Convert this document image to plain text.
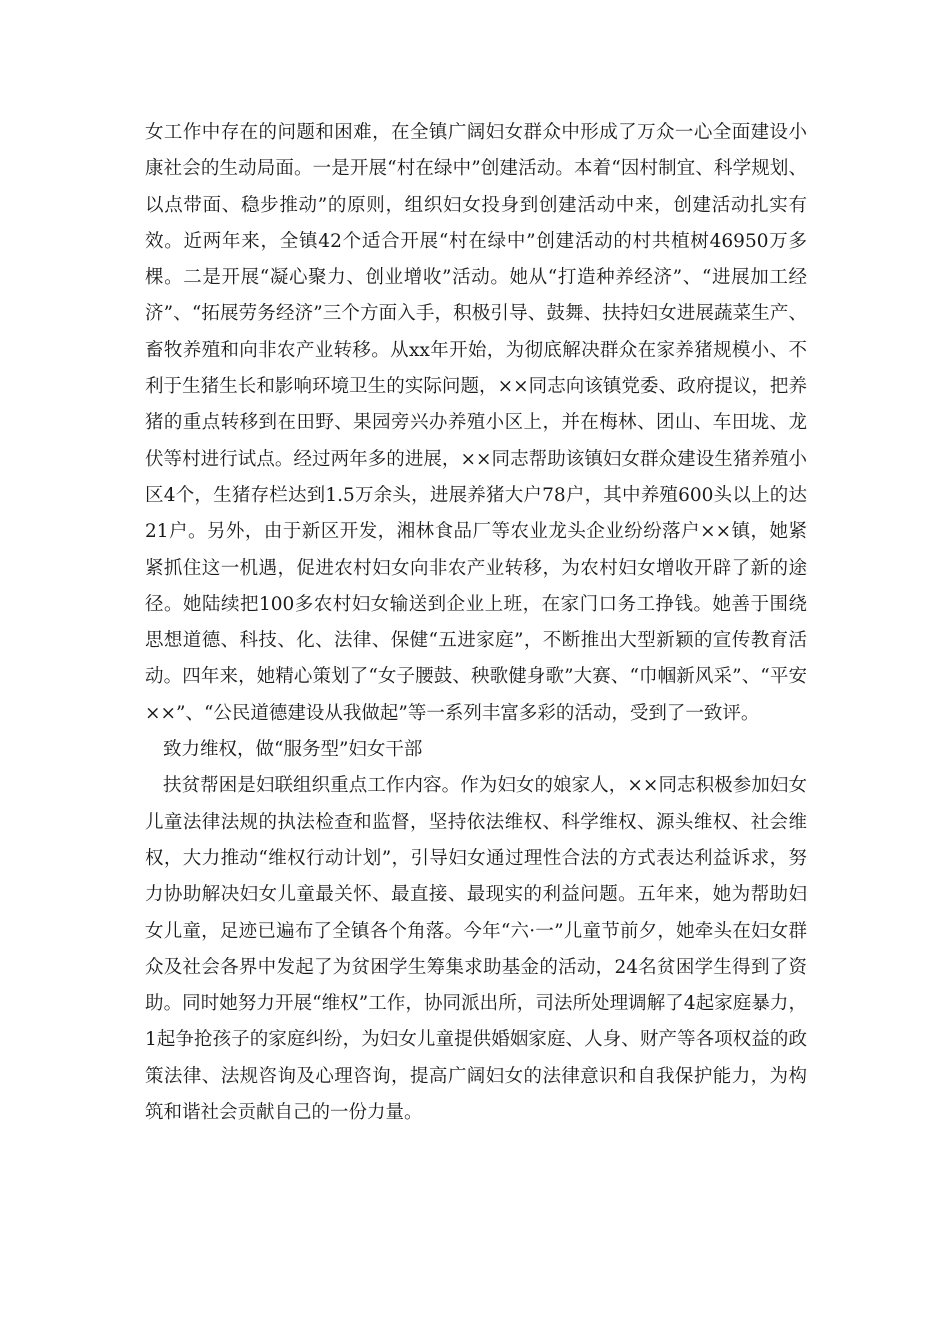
女工作中存在的问题和困难，在全镇广阔妇女群众中形成了万众一心全面建设小康社会的生动局面。一是开展“村在绿中”创建活动。本着“因村制宜、科学规划、以点带面、稳步推动”的原则，组织妇女投身到创建活动中来，创建活动扎实有效。近两年来，全镇42个适合开展“村在绿中”创建活动的村共植树46950万多棵。二是开展“凝心聚力、创业增收”活动。她从“打造种养经济”、“进展加工经济”、“拓展劳务经济”三个方面入手，积极引导、鼓舞、扶持妇女进展蔬菜生产、畜牧养殖和向非农产业转移。从xx年开始，为彻底解决群众在家养猪规模小、不利于生猪生长和影响环境卫生的实际问题，××同志向该镇党委、政府提议，把养猪的重点转移到在田野、果园旁兴办养殖小区上，并在梅林、团山、车田垅、龙伏等村进行试点。经过两年多的进展，××同志帮助该镇妇女群众建设生猪养殖小区4个，生猪存栏达到1.5万余头，进展养猪大户78户，其中养殖600头以上的达21户。另外，由于新区开发，湘林食品厂等农业龙头企业纷纷落户××镇，她紧紧抓住这一机遇，促进农村妇女向非农产业转移，为农村妇女增收开辟了新的途径。她陆续把100多农村妇女输送到企业上班，在家门口务工挣钱。她善于围绕思想道德、科技、化、法律、保健“五进家庭”，不断推出大型新颖的宣传教育活动。四年来，她精心策划了“女子腰鼓、秧歌健身歌”大赛、“巾帼新风采”、“平安××”、“公民道德建设从我做起”等一系列丰富多彩的活动，受到了一致评。

致力维权，做“服务型”妇女干部

扶贫帮困是妇联组织重点工作内容。作为妇女的娘家人，××同志积极参加妇女儿童法律法规的执法检查和监督，坚持依法维权、科学维权、源头维权、社会维权，大力推动“维权行动计划”，引导妇女通过理性合法的方式表达利益诉求，努力协助解决妇女儿童最关怀、最直接、最现实的利益问题。五年来，她为帮助妇女儿童，足迹已遍布了全镇各个角落。今年“六·一”儿童节前夕，她牵头在妇女群众及社会各界中发起了为贫困学生筹集求助基金的活动，24名贫困学生得到了资助。同时她努力开展“维权”工作，协同派出所，司法所处理调解了4起家庭暴力，1起争抢孩子的家庭纠纷，为妇女儿童提供婚姻家庭、人身、财产等各项权益的政策法律、法规咨询及心理咨询，提高广阔妇女的法律意识和自我保护能力，为构筑和谐社会贡献自己的一份力量。
